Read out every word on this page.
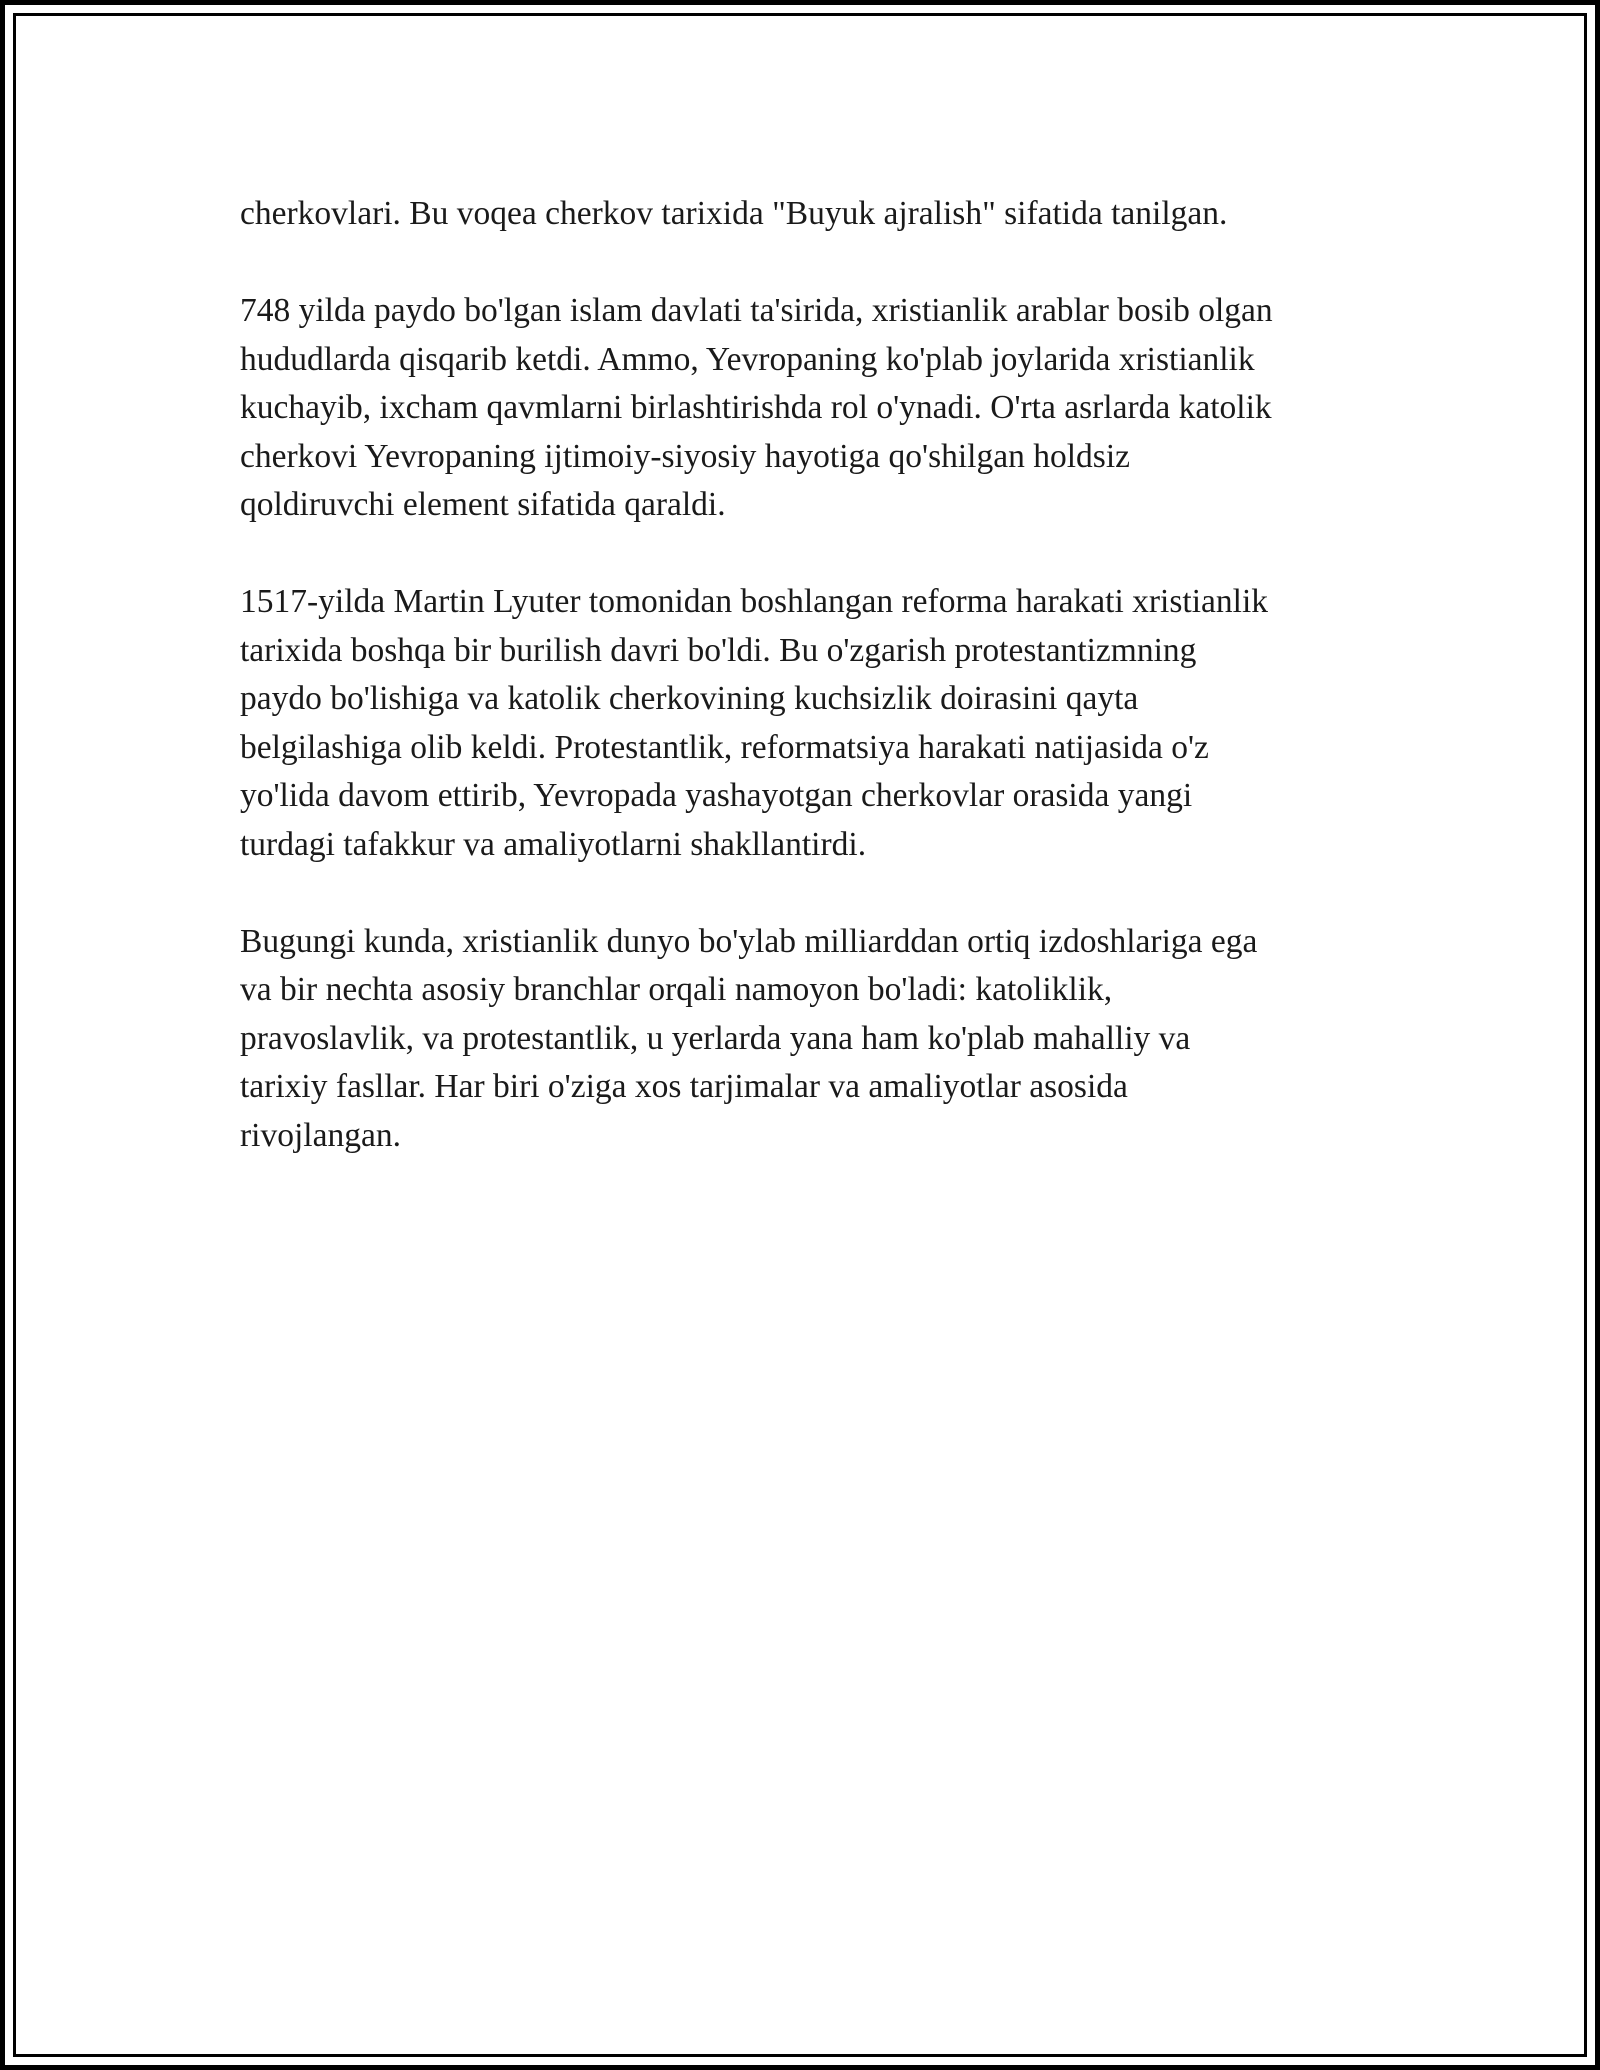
cherkovlari. Bu voqea cherkov tarixida "Buyuk ajralish" sifatida tanilgan.

748 yilda paydo bo'lgan islam davlati ta'sirida, xristianlik arablar bosib olgan
hududlarda qisqarib ketdi. Ammo, Yevropaning ko'plab joylarida xristianlik
kuchayib, ixcham qavmlarni birlashtirishda rol o'ynadi. O'rta asrlarda katolik
cherkovi Yevropaning ijtimoiy-siyosiy hayotiga qo'shilgan holdsiz
qoldiruvchi element sifatida qaraldi.

1517-yilda Martin Lyuter tomonidan boshlangan reforma harakati xristianlik
tarixida boshqa bir burilish davri bo'ldi. Bu o'zgarish protestantizmning
paydo bo'lishiga va katolik cherkovining kuchsizlik doirasini qayta
belgilashiga olib keldi. Protestantlik, reformatsiya harakati natijasida o'z
yo'lida davom ettirib, Yevropada yashayotgan cherkovlar orasida yangi
turdagi tafakkur va amaliyotlarni shakllantirdi.

Bugungi kunda, xristianlik dunyo bo'ylab milliarddan ortiq izdoshlariga ega
va bir nechta asosiy branchlar orqali namoyon bo'ladi: katoliklik,
pravoslavlik, va protestantlik, u yerlarda yana ham ko'plab mahalliy va
tarixiy fasllar. Har biri o'ziga xos tarjimalar va amaliyotlar asosida
rivojlangan.
